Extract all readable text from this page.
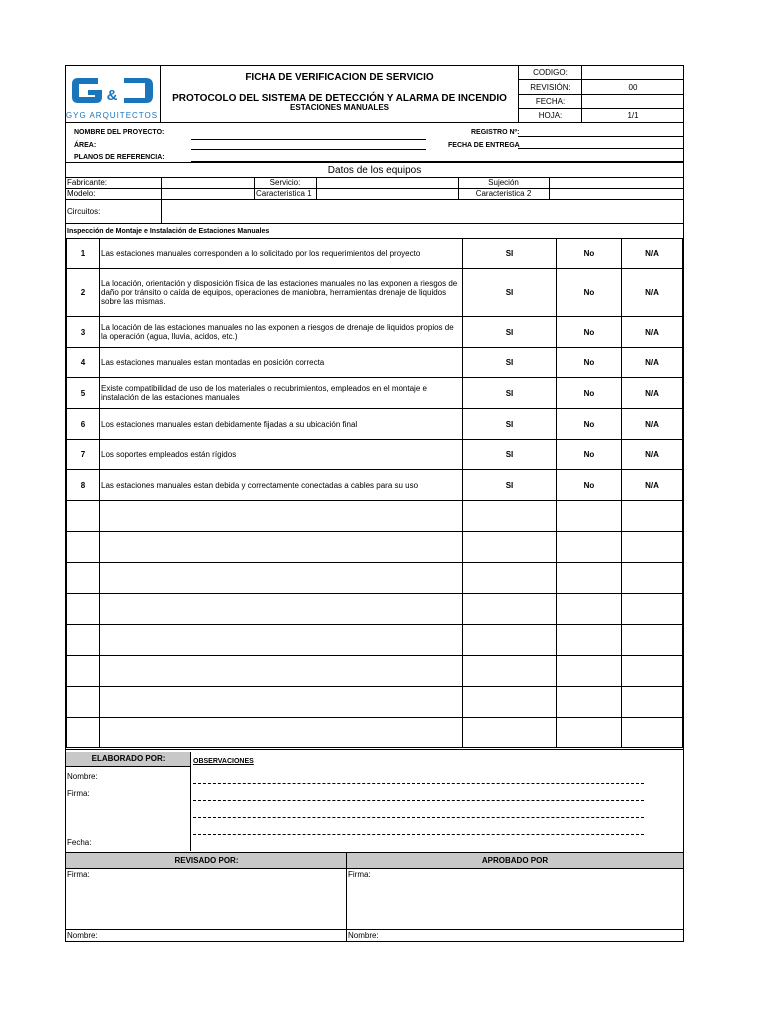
&
GYG ARQUITECTOS
FICHA DE VERIFICACION DE SERVICIO
PROTOCOLO DEL SISTEMA DE DETECCIÓN Y ALARMA DE INCENDIO
ESTACIONES MANUALES
CODIGO:
REVISIÓN:	00
FECHA:
HOJA:	1/1
NOMBRE DEL PROYECTO:
ÁREA:
PLANOS DE REFERENCIA:
REGISTRO Nº:
FECHA DE ENTREGA
Datos de los equipos
Fabricante:	Servicio:	Sujeción
Modelo:	Caracteristica 1	Caracteristica 2
Circuitos:
Inspección de Montaje e Instalación de Estaciones Manuales
1	Las estaciones manuales corresponden a lo solicitado por los requerimientos del proyecto	SI	No	N/A
2	La locación, orientación y disposición física de las estaciones manuales no las exponen a riesgos de daño por tránsito o caída de equipos, operaciones de maniobra, herramientas drenaje de liquidos sobre las mismas.	SI	No	N/A
3	La locación de las estaciones manuales no las exponen a riesgos de drenaje de liquidos propios de la operación (agua, lluvia, acidos, etc.)	SI	No	N/A
4	Las estaciones manuales estan montadas en posición correcta	SI	No	N/A
5	Existe compatibilidad de uso de los materiales o recubrimientos, empleados en el montaje e instalación de las estaciones manuales	SI	No	N/A
6	Los estaciones manuales estan debidamente fijadas a su ubicación final	SI	No	N/A
7	Los soportes empleados están rígidos	SI	No	N/A
8	Las estaciones manuales estan debida y correctamente conectadas a cables para su uso	SI	No	N/A

ELABORADO POR:
Nombre:
Firma:
Fecha:
OBSERVACIONES
REVISADO POR:	APROBADO POR
Firma:	Firma:
Nombre:	Nombre:
